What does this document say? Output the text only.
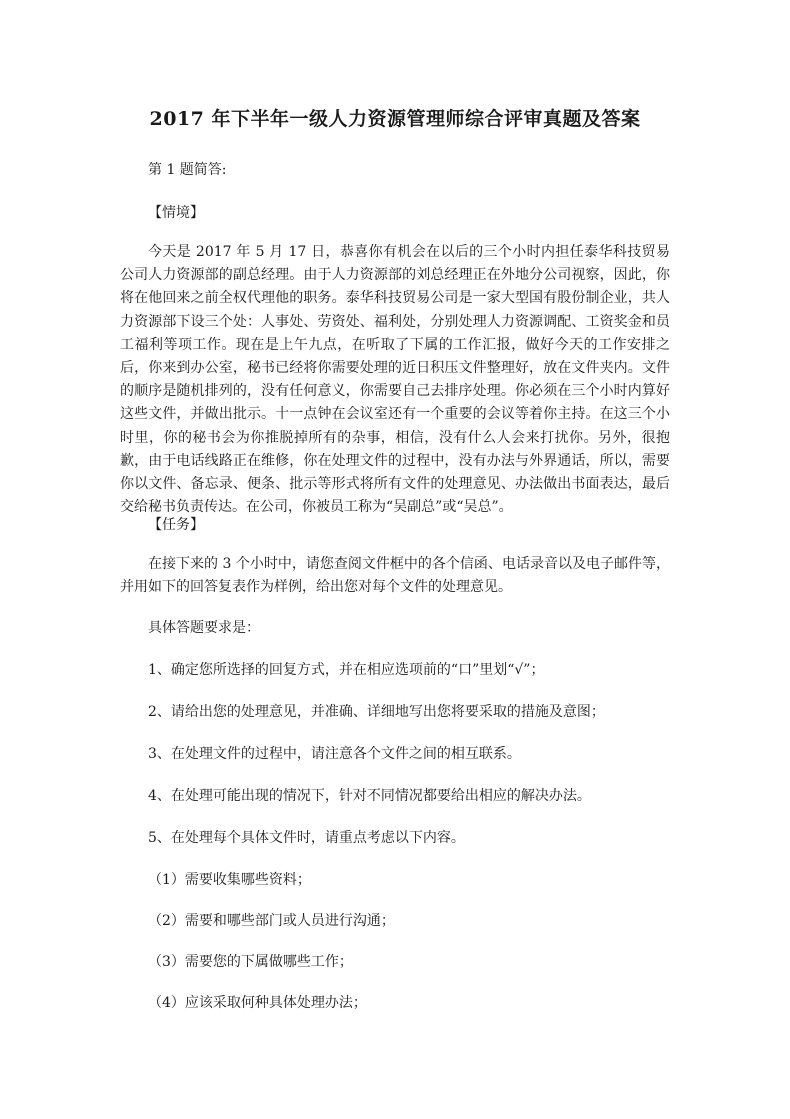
2017 年下半年一级人力资源管理师综合评审真题及答案

第 1 题简答:

【情境】

今天是 2017 年 5 月 17 日，恭喜你有机会在以后的三个小时内担任泰华科技贸易公司人力资源部的副总经理。由于人力资源部的刘总经理正在外地分公司视察，因此，你将在他回来之前全权代理他的职务。泰华科技贸易公司是一家大型国有股份制企业，共人力资源部下设三个处：人事处、劳资处、福利处，分别处理人力资源调配、工资奖金和员工福利等项工作。现在是上午九点，在听取了下属的工作汇报，做好今天的工作安排之后，你来到办公室，秘书已经将你需要处理的近日积压文件整理好，放在文件夹内。文件的顺序是随机排列的，没有任何意义，你需要自己去排序处理。你必须在三个小时内算好这些文件，并做出批示。十一点钟在会议室还有一个重要的会议等着你主持。在这三个小时里，你的秘书会为你推脱掉所有的杂事，相信，没有什么人会来打扰你。另外，很抱歉，由于电话线路正在维修，你在处理文件的过程中，没有办法与外界通话，所以，需要你以文件、备忘录、便条、批示等形式将所有文件的处理意见、办法做出书面表达，最后交给秘书负责传达。在公司，你被员工称为“吴副总”或“吴总”。

【任务】

在接下来的 3 个小时中，请您查阅文件框中的各个信函、电话录音以及电子邮件等，并用如下的回答复表作为样例，给出您对每个文件的处理意见。

具体答题要求是：

1、确定您所选择的回复方式，并在相应选项前的“口”里划“√”；

2、请给出您的处理意见，并准确、详细地写出您将要采取的措施及意图；

3、在处理文件的过程中，请注意各个文件之间的相互联系。

4、在处理可能出现的情况下，针对不同情况都要给出相应的解决办法。

5、在处理每个具体文件时，请重点考虑以下内容。

（1）需要收集哪些资料；

（2）需要和哪些部门或人员进行沟通；

（3）需要您的下属做哪些工作；

（4）应该采取何种具体处理办法；
